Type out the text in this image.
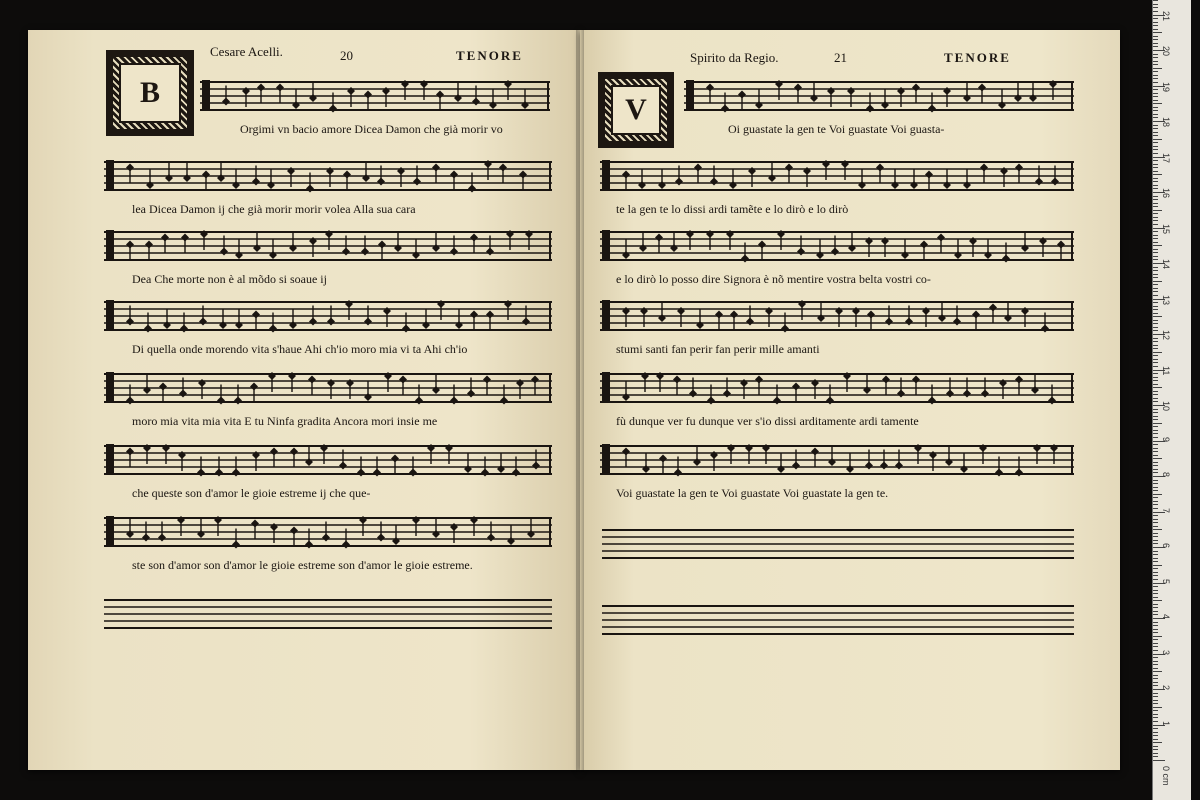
B
Cesare Acelli.	20	TENORE
Orgimi vn bacio amore Dicea Damon che già morir vo
lea Dicea Damon ij che già morir morir volea Alla sua cara
Dea Che morte non è al mõdo si soaue ij
Di quella onde morendo vita s'haue Ahi ch'io moro mia vi ta Ahi ch'io
moro mia vita mia vita E tu Ninfa gradita Ancora mori insie me
che queste son d'amor le gioie estreme ij che que-
ste son d'amor son d'amor le gioie estreme son d'amor le gioie estreme.
Spirito da Regio.	21	TENORE
V
Oi guastate la gen te Voi guastate Voi guasta-
te la gen te lo dissi ardi tamẽte e lo dirò e lo dirò
e lo dirò lo posso dire Signora è nõ mentire vostra belta vostri co-
stumi santi fan perir fan perir mille amanti
fù dunque ver fu dunque ver s'io dissi arditamente ardi tamente
Voi guastate la gen te Voi guastate Voi guastate la gen te.
0 cm
1
2
3
4
5
6
7
8
9
10
11
12
13
14
15
16
17
18
19
20
21
